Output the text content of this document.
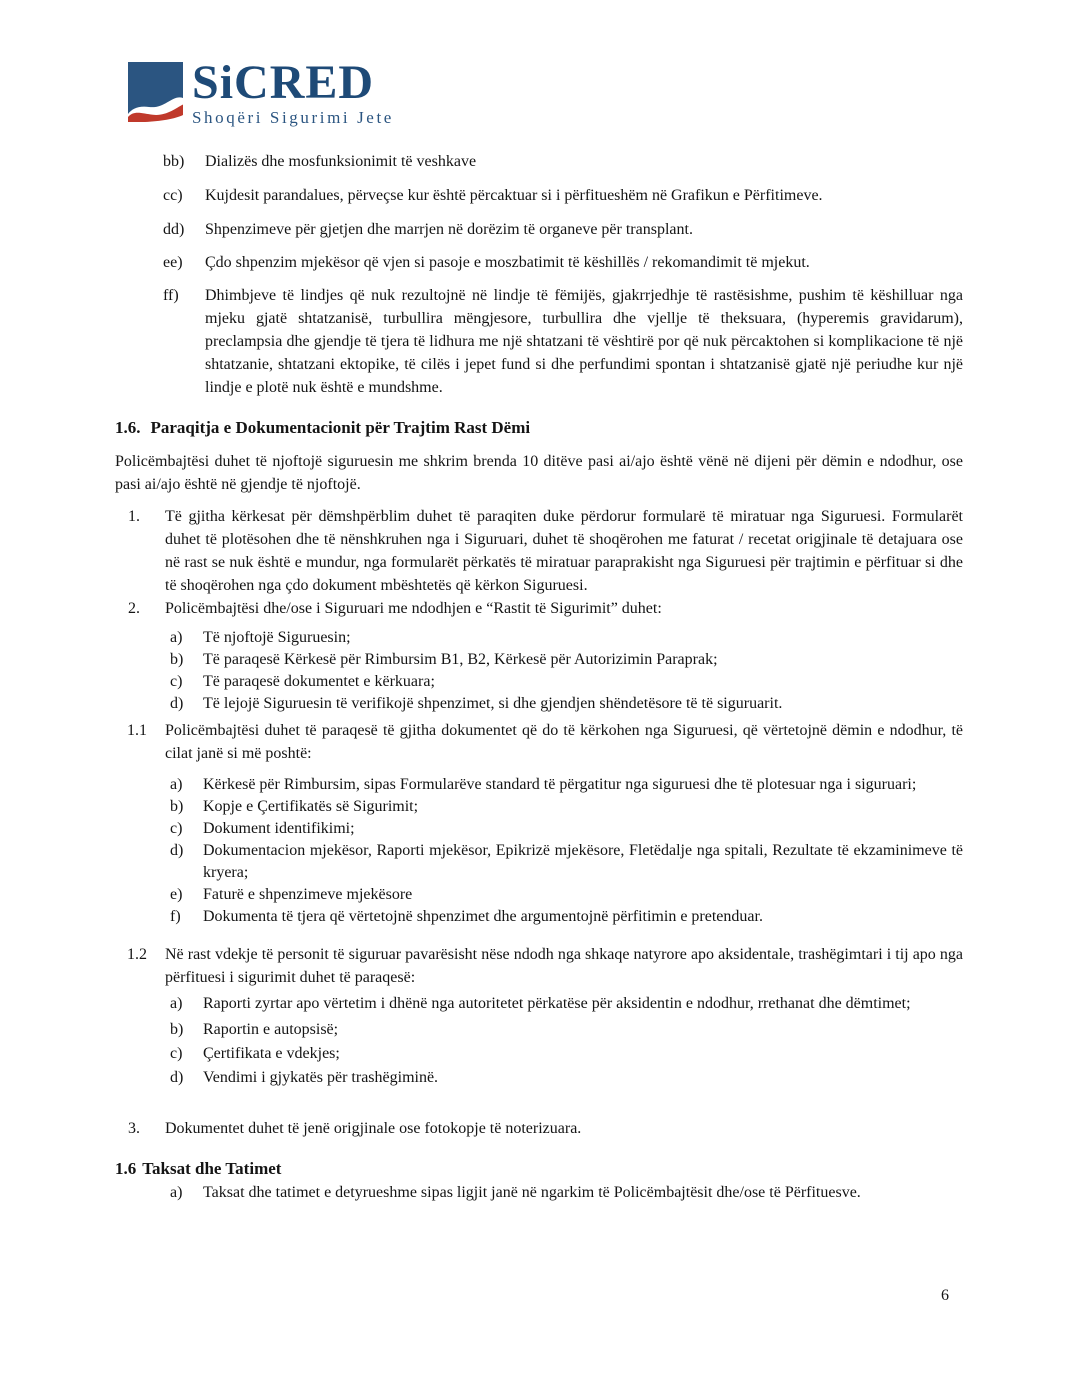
SiCRED
Shoqëri Sigurimi Jete
bb) Dializës dhe mosfunksionimit të veshkave

cc) Kujdesit parandalues, përveçse kur është përcaktuar si i përfitueshëm në Grafikun e Përfitimeve.

dd) Shpenzimeve për gjetjen dhe marrjen në dorëzim të organeve për transplant.

ee) Çdo shpenzim mjekësor që vjen si pasoje e moszbatimit të këshillës / rekomandimit të mjekut.

ff) Dhimbjeve të lindjes që nuk rezultojnë në lindje të fëmijës, gjakrrjedhje të rastësishme, pushim të këshilluar nga mjeku gjatë shtatzanisë, turbullira mëngjesore, turbullira dhe vjellje të theksuara, (hyperemis gravidarum), preclampsia dhe gjendje të tjera të lidhura me një shtatzani të vështirë por që nuk përcaktohen si komplikacione të një shtatzanie, shtatzani ektopike, të cilës i jepet fund si dhe perfundimi spontan i shtatzanisë gjatë një periudhe kur një lindje e plotë nuk është e mundshme.

1.6. Paraqitja e Dokumentacionit për Trajtim Rast Dëmi

Policëmbajtësi duhet të njoftojë siguruesin me shkrim brenda 10 ditëve pasi ai/ajo është vënë në dijeni për dëmin e ndodhur, ose pasi ai/ajo është në gjendje të njoftojë.

1. Të gjitha kërkesat për dëmshpërblim duhet të paraqiten duke përdorur formularë të miratuar nga Siguruesi. Formularët duhet të plotësohen dhe të nënshkruhen nga i Siguruari, duhet të shoqërohen me faturat / recetat origjinale të detajuara ose në rast se nuk është e mundur, nga formularët përkatës të miratuar paraprakisht nga Siguruesi për trajtimin e përfituar si dhe të shoqërohen nga çdo dokument mbështetës që kërkon Siguruesi.

2. Policëmbajtësi dhe/ose i Siguruari me ndodhjen e “Rastit të Sigurimit” duhet:

a) Të njoftojë Siguruesin;

b) Të paraqesë Kërkesë për Rimbursim B1, B2, Kërkesë për Autorizimin Paraprak;

c) Të paraqesë dokumentet e kërkuara;

d) Të lejojë Siguruesin të verifikojë shpenzimet, si dhe gjendjen shëndetësore të të siguruarit.

1.1 Policëmbajtësi duhet të paraqesë të gjitha dokumentet që do të kërkohen nga Siguruesi, që vërtetojnë dëmin e ndodhur, të cilat janë si më poshtë:

a) Kërkesë për Rimbursim, sipas Formularëve standard të përgatitur nga siguruesi dhe të plotesuar nga i siguruari;

b) Kopje e Çertifikatës së Sigurimit;

c) Dokument identifikimi;

d) Dokumentacion mjekësor, Raporti mjekësor, Epikrizë mjekësore, Fletëdalje nga spitali, Rezultate të ekzaminimeve të kryera;

e) Faturë e shpenzimeve mjekësore

f) Dokumenta të tjera që vërtetojnë shpenzimet dhe argumentojnë përfitimin e pretenduar.

1.2 Në rast vdekje të personit të siguruar pavarësisht nëse ndodh nga shkaqe natyrore apo aksidentale, trashëgimtari i tij apo nga përfituesi i sigurimit duhet të paraqesë:

a) Raporti zyrtar apo vërtetim i dhënë nga autoritetet përkatëse për aksidentin e ndodhur, rrethanat dhe dëmtimet;

b) Raportin e autopsisë;

c) Çertifikata e vdekjes;

d) Vendimi i gjykatës për trashëgiminë.

3. Dokumentet duhet të jenë origjinale ose fotokopje të noterizuara.

1.6 Taksat dhe Tatimet
a) Taksat dhe tatimet e detyrueshme sipas ligjit janë në ngarkim të Policëmbajtësit dhe/ose të Përfituesve.

6
